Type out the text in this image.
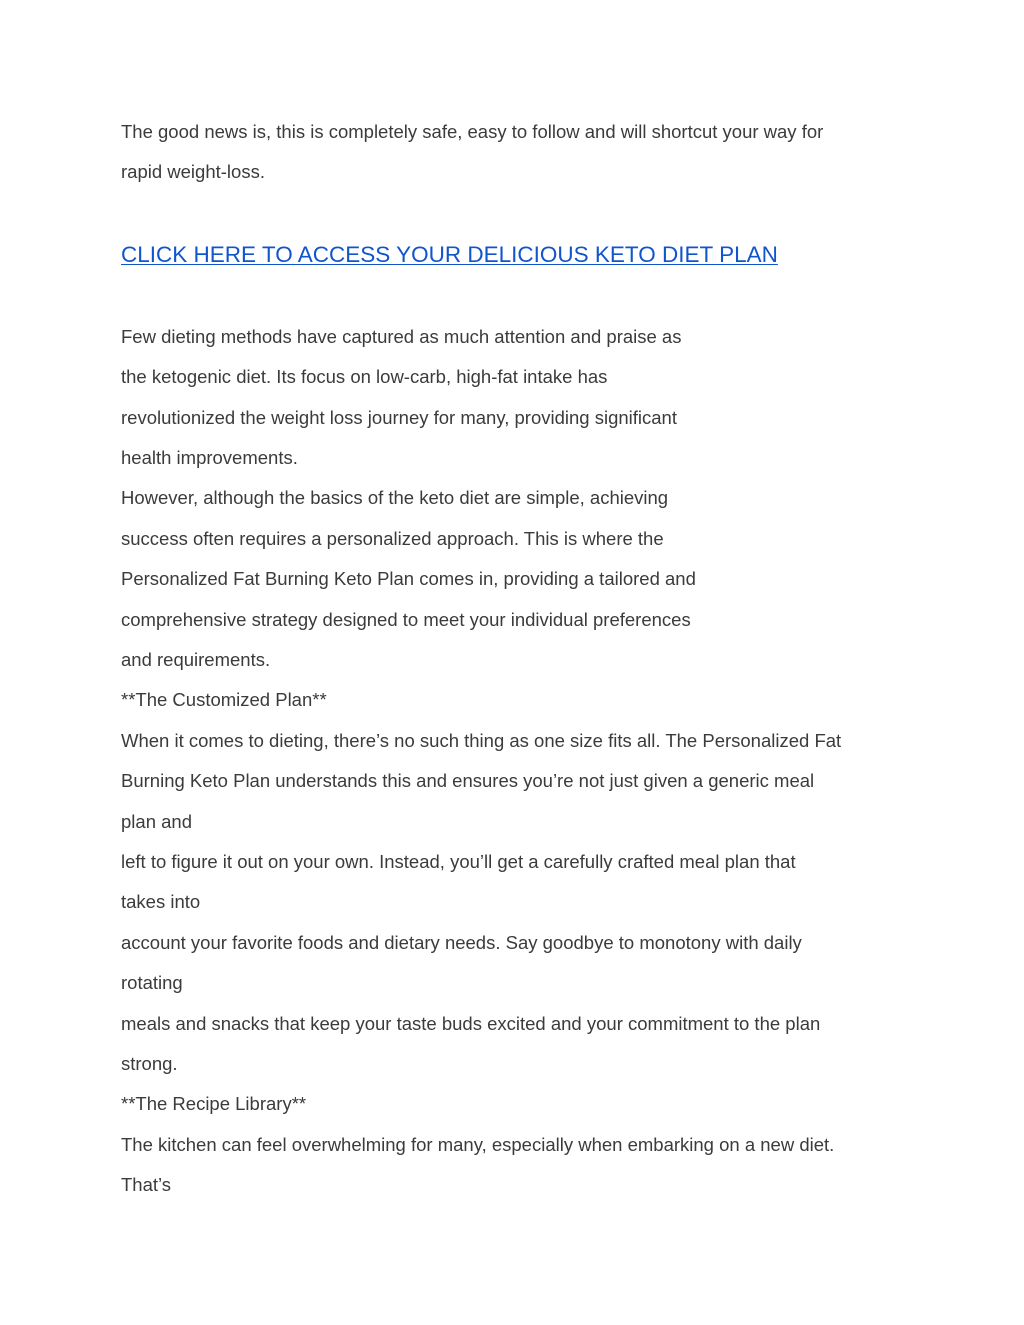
The good news is, this is completely safe, easy to follow and will shortcut your way for
rapid weight-loss.
CLICK HERE TO ACCESS YOUR DELICIOUS KETO DIET PLAN
Few dieting methods have captured as much attention and praise as
the ketogenic diet. Its focus on low-carb, high-fat intake has
revolutionized the weight loss journey for many, providing significant
health improvements.
However, although the basics of the keto diet are simple, achieving
success often requires a personalized approach. This is where the
Personalized Fat Burning Keto Plan comes in, providing a tailored and
comprehensive strategy designed to meet your individual preferences
and requirements.
**The Customized Plan**
When it comes to dieting, there’s no such thing as one size fits all. The Personalized Fat
Burning Keto Plan understands this and ensures you’re not just given a generic meal
plan and
left to figure it out on your own. Instead, you’ll get a carefully crafted meal plan that
takes into
account your favorite foods and dietary needs. Say goodbye to monotony with daily
rotating
meals and snacks that keep your taste buds excited and your commitment to the plan
strong.
**The Recipe Library**
The kitchen can feel overwhelming for many, especially when embarking on a new diet.
That’s
